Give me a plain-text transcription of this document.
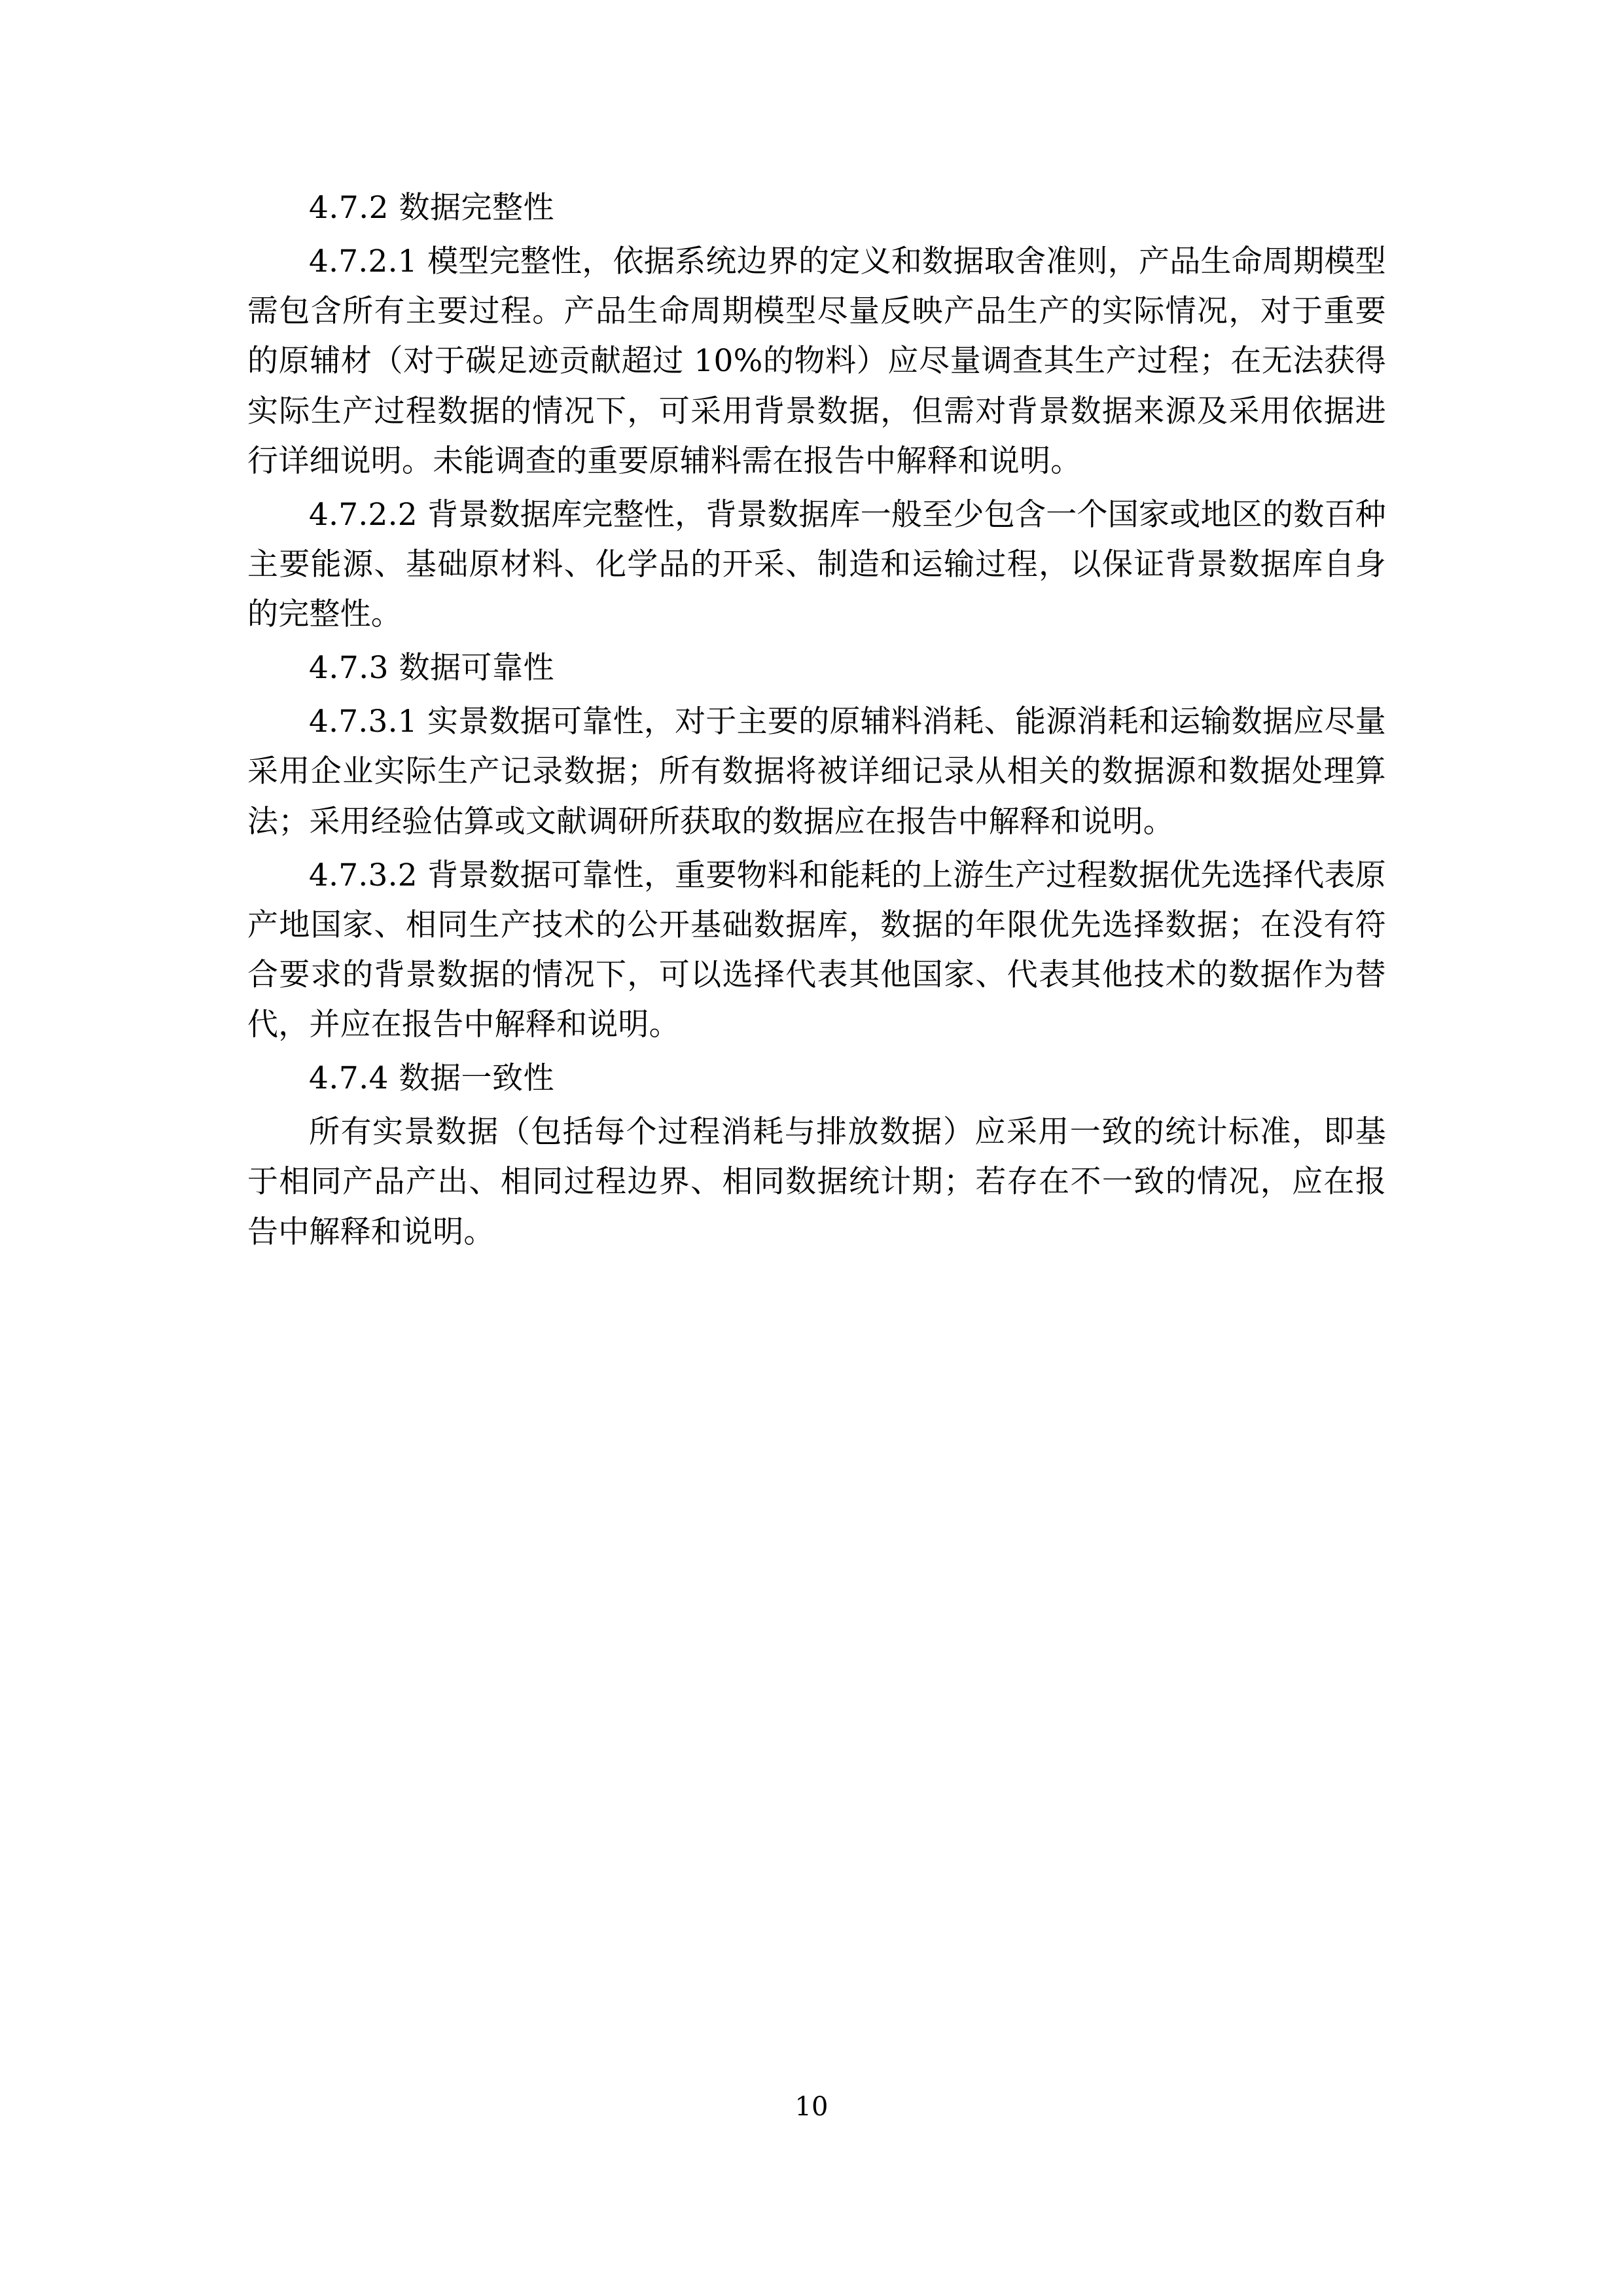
4.7.2 数据完整性

4.7.2.1 模型完整性，依据系统边界的定义和数据取舍准则，产品生命周期模型需包含所有主要过程。产品生命周期模型尽量反映产品生产的实际情况，对于重要的原辅材（对于碳足迹贡献超过 10%的物料）应尽量调查其生产过程；在无法获得实际生产过程数据的情况下，可采用背景数据，但需对背景数据来源及采用依据进行详细说明。未能调查的重要原辅料需在报告中解释和说明。

4.7.2.2 背景数据库完整性，背景数据库一般至少包含一个国家或地区的数百种主要能源、基础原材料、化学品的开采、制造和运输过程，以保证背景数据库自身的完整性。

4.7.3 数据可靠性

4.7.3.1 实景数据可靠性，对于主要的原辅料消耗、能源消耗和运输数据应尽量采用企业实际生产记录数据；所有数据将被详细记录从相关的数据源和数据处理算法；采用经验估算或文献调研所获取的数据应在报告中解释和说明。

4.7.3.2 背景数据可靠性，重要物料和能耗的上游生产过程数据优先选择代表原产地国家、相同生产技术的公开基础数据库，数据的年限优先选择数据；在没有符合要求的背景数据的情况下，可以选择代表其他国家、代表其他技术的数据作为替代，并应在报告中解释和说明。

4.7.4 数据一致性

所有实景数据（包括每个过程消耗与排放数据）应采用一致的统计标准，即基于相同产品产出、相同过程边界、相同数据统计期；若存在不一致的情况，应在报告中解释和说明。

10
